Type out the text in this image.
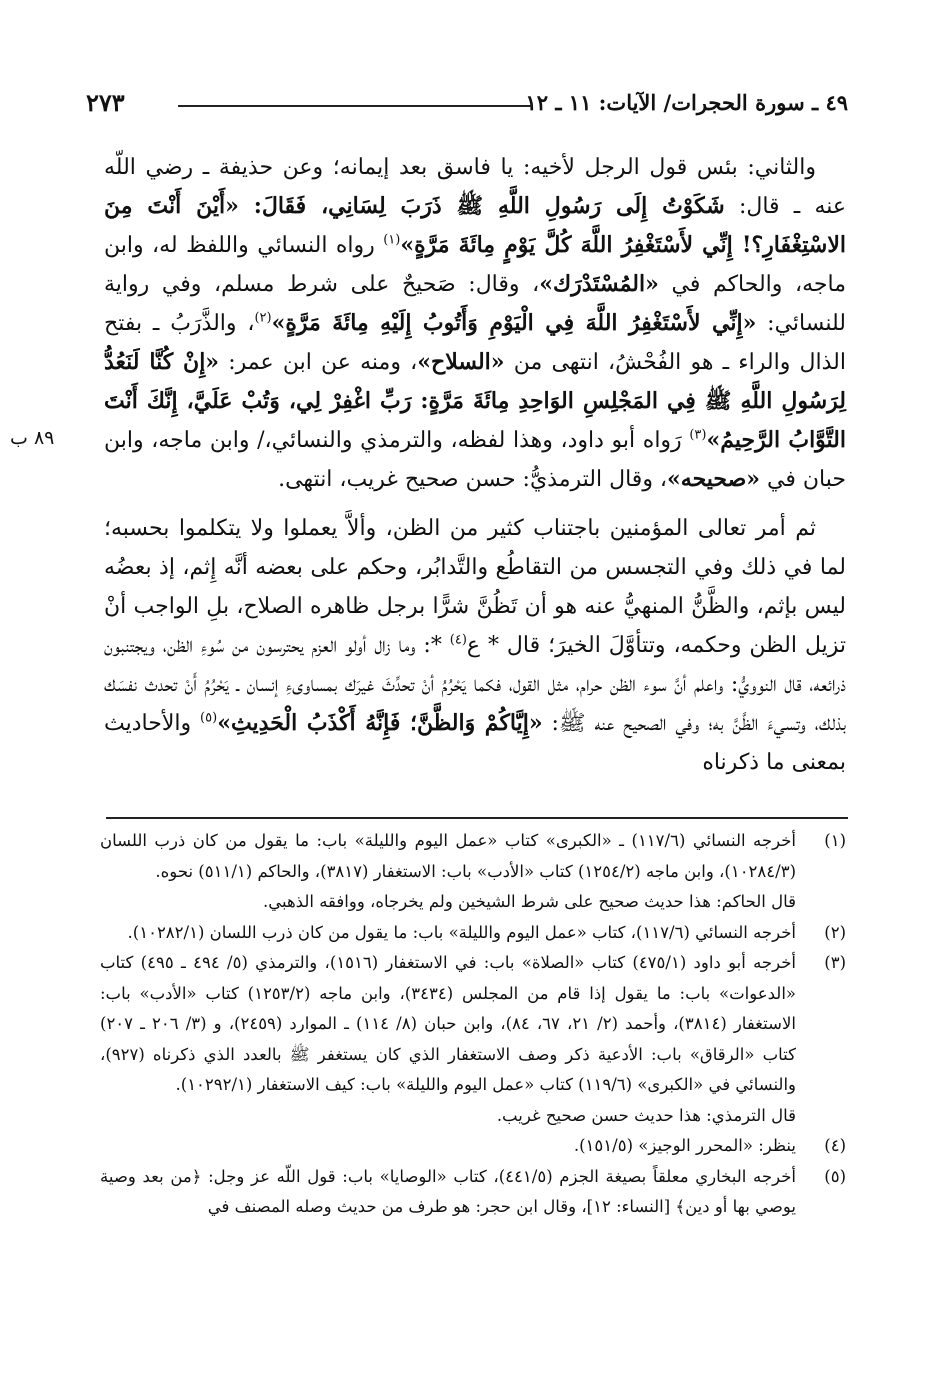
٤٩ ـ سورة الحجرات/ الآيات: ١١ ـ ١٢
٢٧٣
٨٩ ب

والثاني: بئس قول الرجل لأخيه: يا فاسق بعد إيمانه؛ وعن حذيفة ـ رضي اللّه عنه ـ قال: شَكَوْتُ إِلَى رَسُولِ اللَّهِ ﷺ ذَرَبَ لِسَانِي، فَقَالَ: «أَيْنَ أَنْتَ مِنَ الاسْتِغْفَارِ؟! إِنِّي لأَسْتَغْفِرُ اللَّهَ كُلَّ يَوْمٍ مِائَةَ مَرَّةٍ»$^{(١)}$ رواه النسائي واللفظ له، وابن ماجه، والحاكم في «المُسْتَدْرَك»، وقال: صَحيحٌ على شرط مسلم، وفي رواية للنسائي: «إِنِّي لأَسْتَغْفِرُ اللَّهَ فِي الْيَوْمِ وَأَتُوبُ إِلَيْهِ مِائَةَ مَرَّةٍ»$^{(٢)}$، والذَّرَبُ ـ بفتح الذال والراء ـ هو الفُحْشُ، انتهى من «السلاح»، ومنه عن ابن عمر: «إِنْ كُنَّا لَنَعُدُّ لِرَسُولِ اللَّهِ ﷺ فِي المَجْلِسِ الوَاحِدِ مِائَةَ مَرَّةٍ: رَبِّ اغْفِرْ لِي، وَتُبْ عَلَيَّ، إِنَّكَ أَنْتَ التَّوَّابُ الرَّحِيمُ»$^{(٣)}$ رَواه أبو داود، وهذا لفظه، والترمذي والنسائي،/ وابن ماجه، وابن حبان في «صحيحه»، وقال الترمذيُّ: حسن صحيح غريب، انتهى.

ثم أمر تعالى المؤمنين باجتناب كثير من الظن، وألاَّ يعملوا ولا يتكلموا بحسبه؛ لما في ذلك وفي التجسس من التقاطُع والتَّدابُر، وحكم على بعضه أنَّه إِثم، إذ بعضُه ليس بإثم، والظَّنُّ المنهيُّ عنه هو أن تَظُنَّ شرًّا برجل ظاهره الصلاح، بلِ الواجب أنْ تزيل الظن وحكمه، وتتأوَّلَ الخيرَ؛ قال * ع$^{(٤)}$ *: وما زال أولو العزم يحترسون من سُوءِ الظن، ويجتنبون ذرائعه، قال النوويُّ: واعلم أنَّ سوء الظن حرام، مثل القول، فكما يَحْرُمُ أنْ تحدِّثَ غيرَك بمساوىءِ إنسان ـ يَحْرُمُ أَنْ تحدث نفسَك بذلك، وتسيءَ الظَّنَّ به؛ وفي الصحيح عنه ﷺ: «إِيَّاكُمْ وَالظَّنَّ؛ فَإِنَّهُ أَكْذَبُ الْحَدِيثِ»$^{(٥)}$ والأحاديث بمعنى ما ذكرناه

(١)
أخرجه النسائي (١١٧/٦) ـ «الكبرى» كتاب «عمل اليوم والليلة» باب: ما يقول من كان ذرب اللسان (١٠٢٨٤/٣)، وابن ماجه (١٢٥٤/٢) كتاب «الأدب» باب: الاستغفار (٣٨١٧)، والحاكم (٥١١/١) نحوه.
قال الحاكم: هذا حديث صحيح على شرط الشيخين ولم يخرجاه، ووافقه الذهبي.
(٢)
أخرجه النسائي (١١٧/٦)، كتاب «عمل اليوم والليلة» باب: ما يقول من كان ذرب اللسان (١٠٢٨٢/١).
(٣)
أخرجه أبو داود (٤٧٥/١) كتاب «الصلاة» باب: في الاستغفار (١٥١٦)، والترمذي (٥/ ٤٩٤ ـ ٤٩٥) كتاب «الدعوات» باب: ما يقول إذا قام من المجلس (٣٤٣٤)، وابن ماجه (١٢٥٣/٢) كتاب «الأدب» باب: الاستغفار (٣٨١٤)، وأحمد (٢/ ٢١، ٦٧، ٨٤)، وابن حبان (٨/ ١١٤) ـ الموارد (٢٤٥٩)، و (٣/ ٢٠٦ ـ ٢٠٧) كتاب «الرقاق» باب: الأدعية ذكر وصف الاستغفار الذي كان يستغفر ﷺ بالعدد الذي ذكرناه (٩٢٧)، والنسائي في «الكبرى» (١١٩/٦) كتاب «عمل اليوم والليلة» باب: كيف الاستغفار (١٠٢٩٢/١).
قال الترمذي: هذا حديث حسن صحيح غريب.
(٤)
ينظر: «المحرر الوجيز» (١٥١/٥).
(٥)
أخرجه البخاري معلقاً بصيغة الجزم (٤٤١/٥)، كتاب «الوصايا» باب: قول اللّه عز وجل: ﴿من بعد وصية يوصي بها أو دين﴾ [النساء: ١٢]، وقال ابن حجر: هو طرف من حديث وصله المصنف في
